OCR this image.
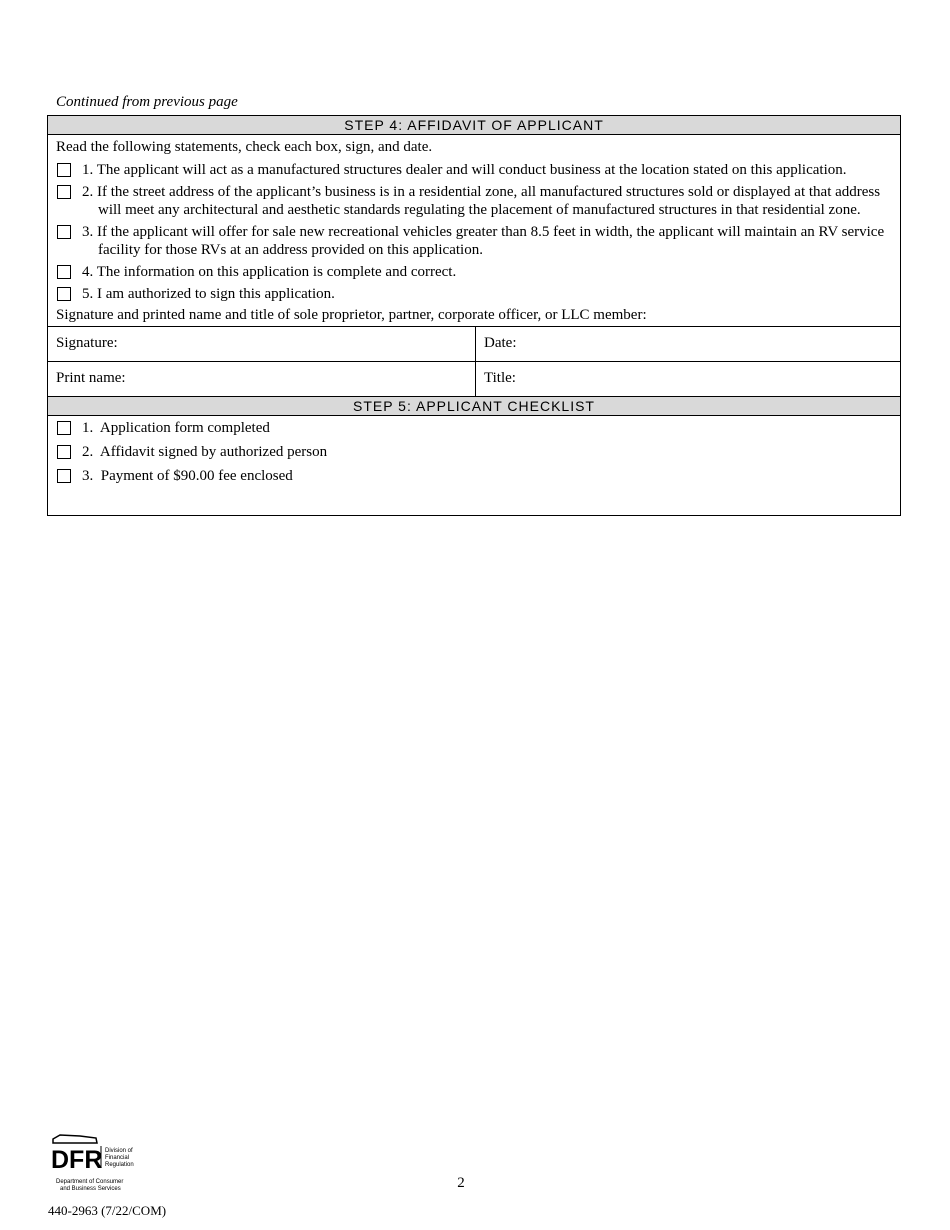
Continued from previous page
STEP 4: AFFIDAVIT OF APPLICANT
Read the following statements, check each box, sign, and date.
1. The applicant will act as a manufactured structures dealer and will conduct business at the location stated on this application.
2. If the street address of the applicant’s business is in a residential zone, all manufactured structures sold or displayed at that address will meet any architectural and aesthetic standards regulating the placement of manufactured structures in that residential zone.
3. If the applicant will offer for sale new recreational vehicles greater than 8.5 feet in width, the applicant will maintain an RV service facility for those RVs at an address provided on this application.
4. The information on this application is complete and correct.
5. I am authorized to sign this application.
Signature and printed name and title of sole proprietor, partner, corporate officer, or LLC member:
Signature:	Date:
Print name:	Title:
STEP 5: APPLICANT CHECKLIST
1.  Application form completed
2.  Affidavit signed by authorized person
3.  Payment of $90.00 fee enclosed
DFR Division of
Financial
Regulation
Department of Consumer
and Business Services	2
440-2963 (7/22/COM)
